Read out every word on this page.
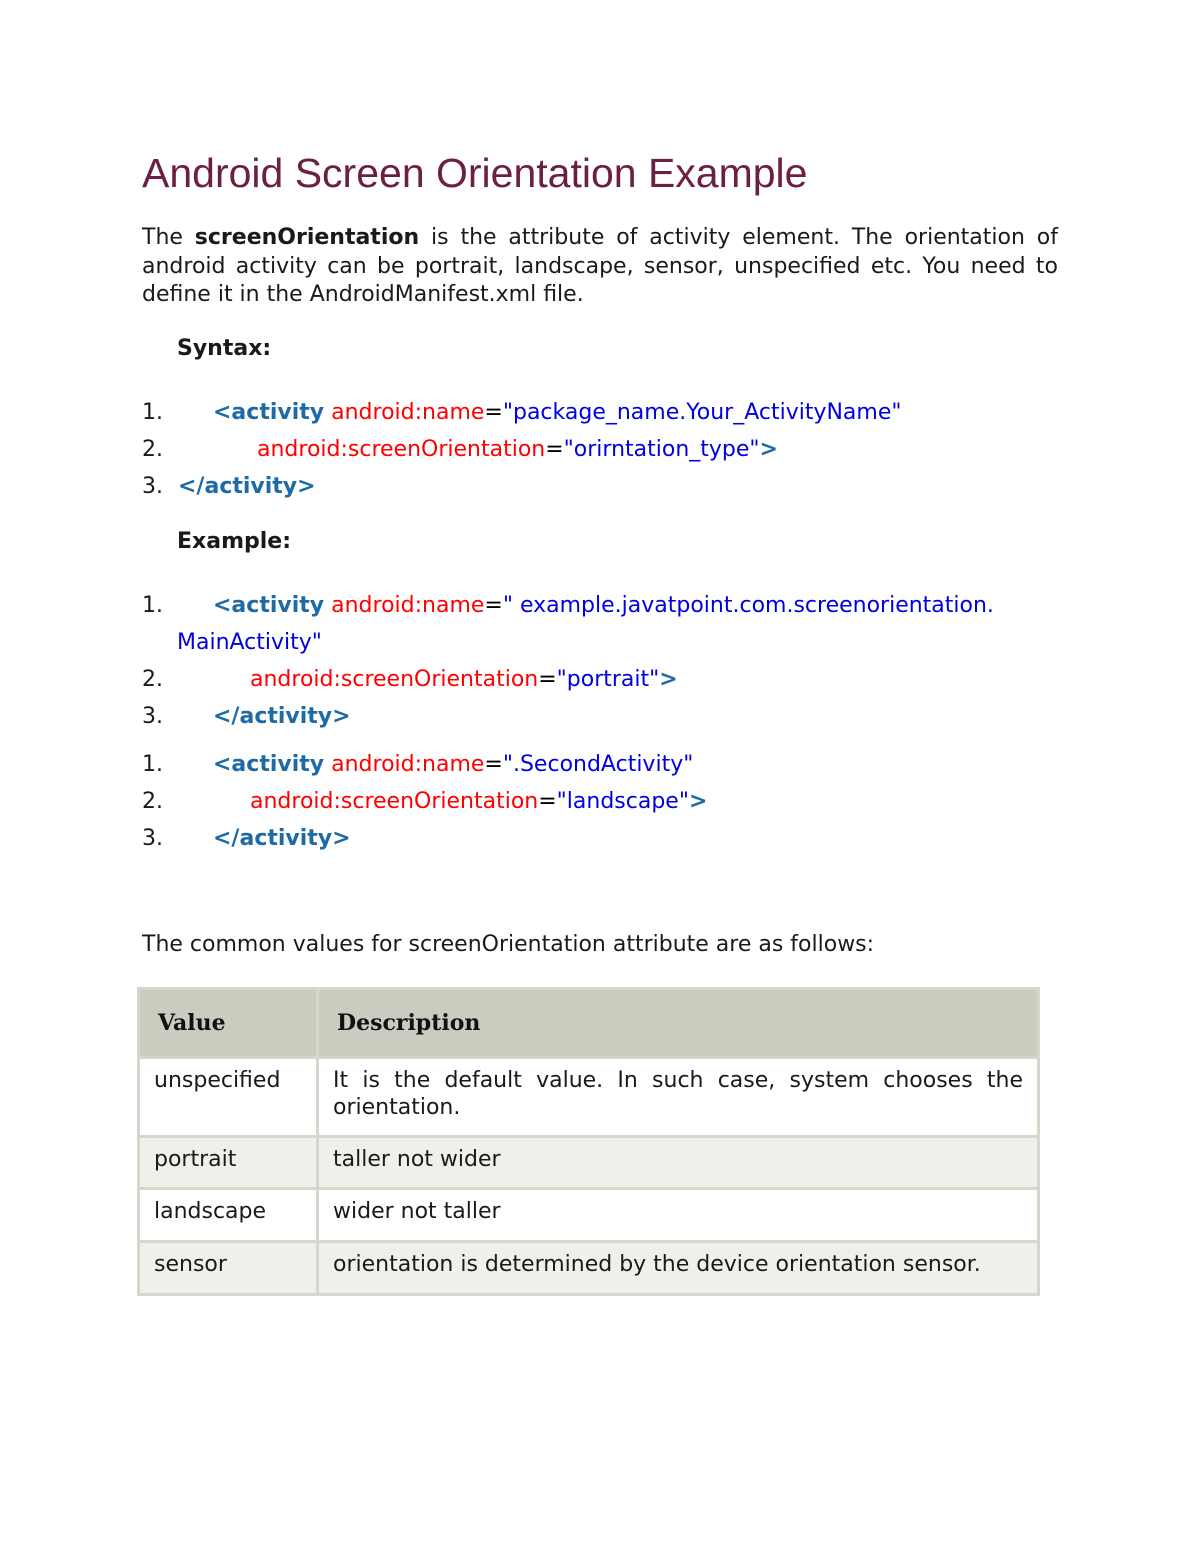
Android Screen Orientation Example

The screenOrientation is the attribute of activity element. The orientation of android activity can be portrait, landscape, sensor, unspecified etc. You need to define it in the AndroidManifest.xml file.

Syntax:

1. <activity android:name="package_name.Your_ActivityName"
2.	android:screenOrientation="orirntation_type">
3. </activity>

Example:

1. <activity android:name=" example.javatpoint.com.screenorientation.
MainActivity"
2.	android:screenOrientation="portrait">
3. </activity>
1. <activity android:name=".SecondActivity"
2.	android:screenOrientation="landscape">
3. </activity>

The common values for screenOrientation attribute are as follows:

Value	Description
unspecified	It is the default value. In such case, system chooses the orientation.
portrait	taller not wider
landscape	wider not taller
sensor	orientation is determined by the device orientation sensor.
